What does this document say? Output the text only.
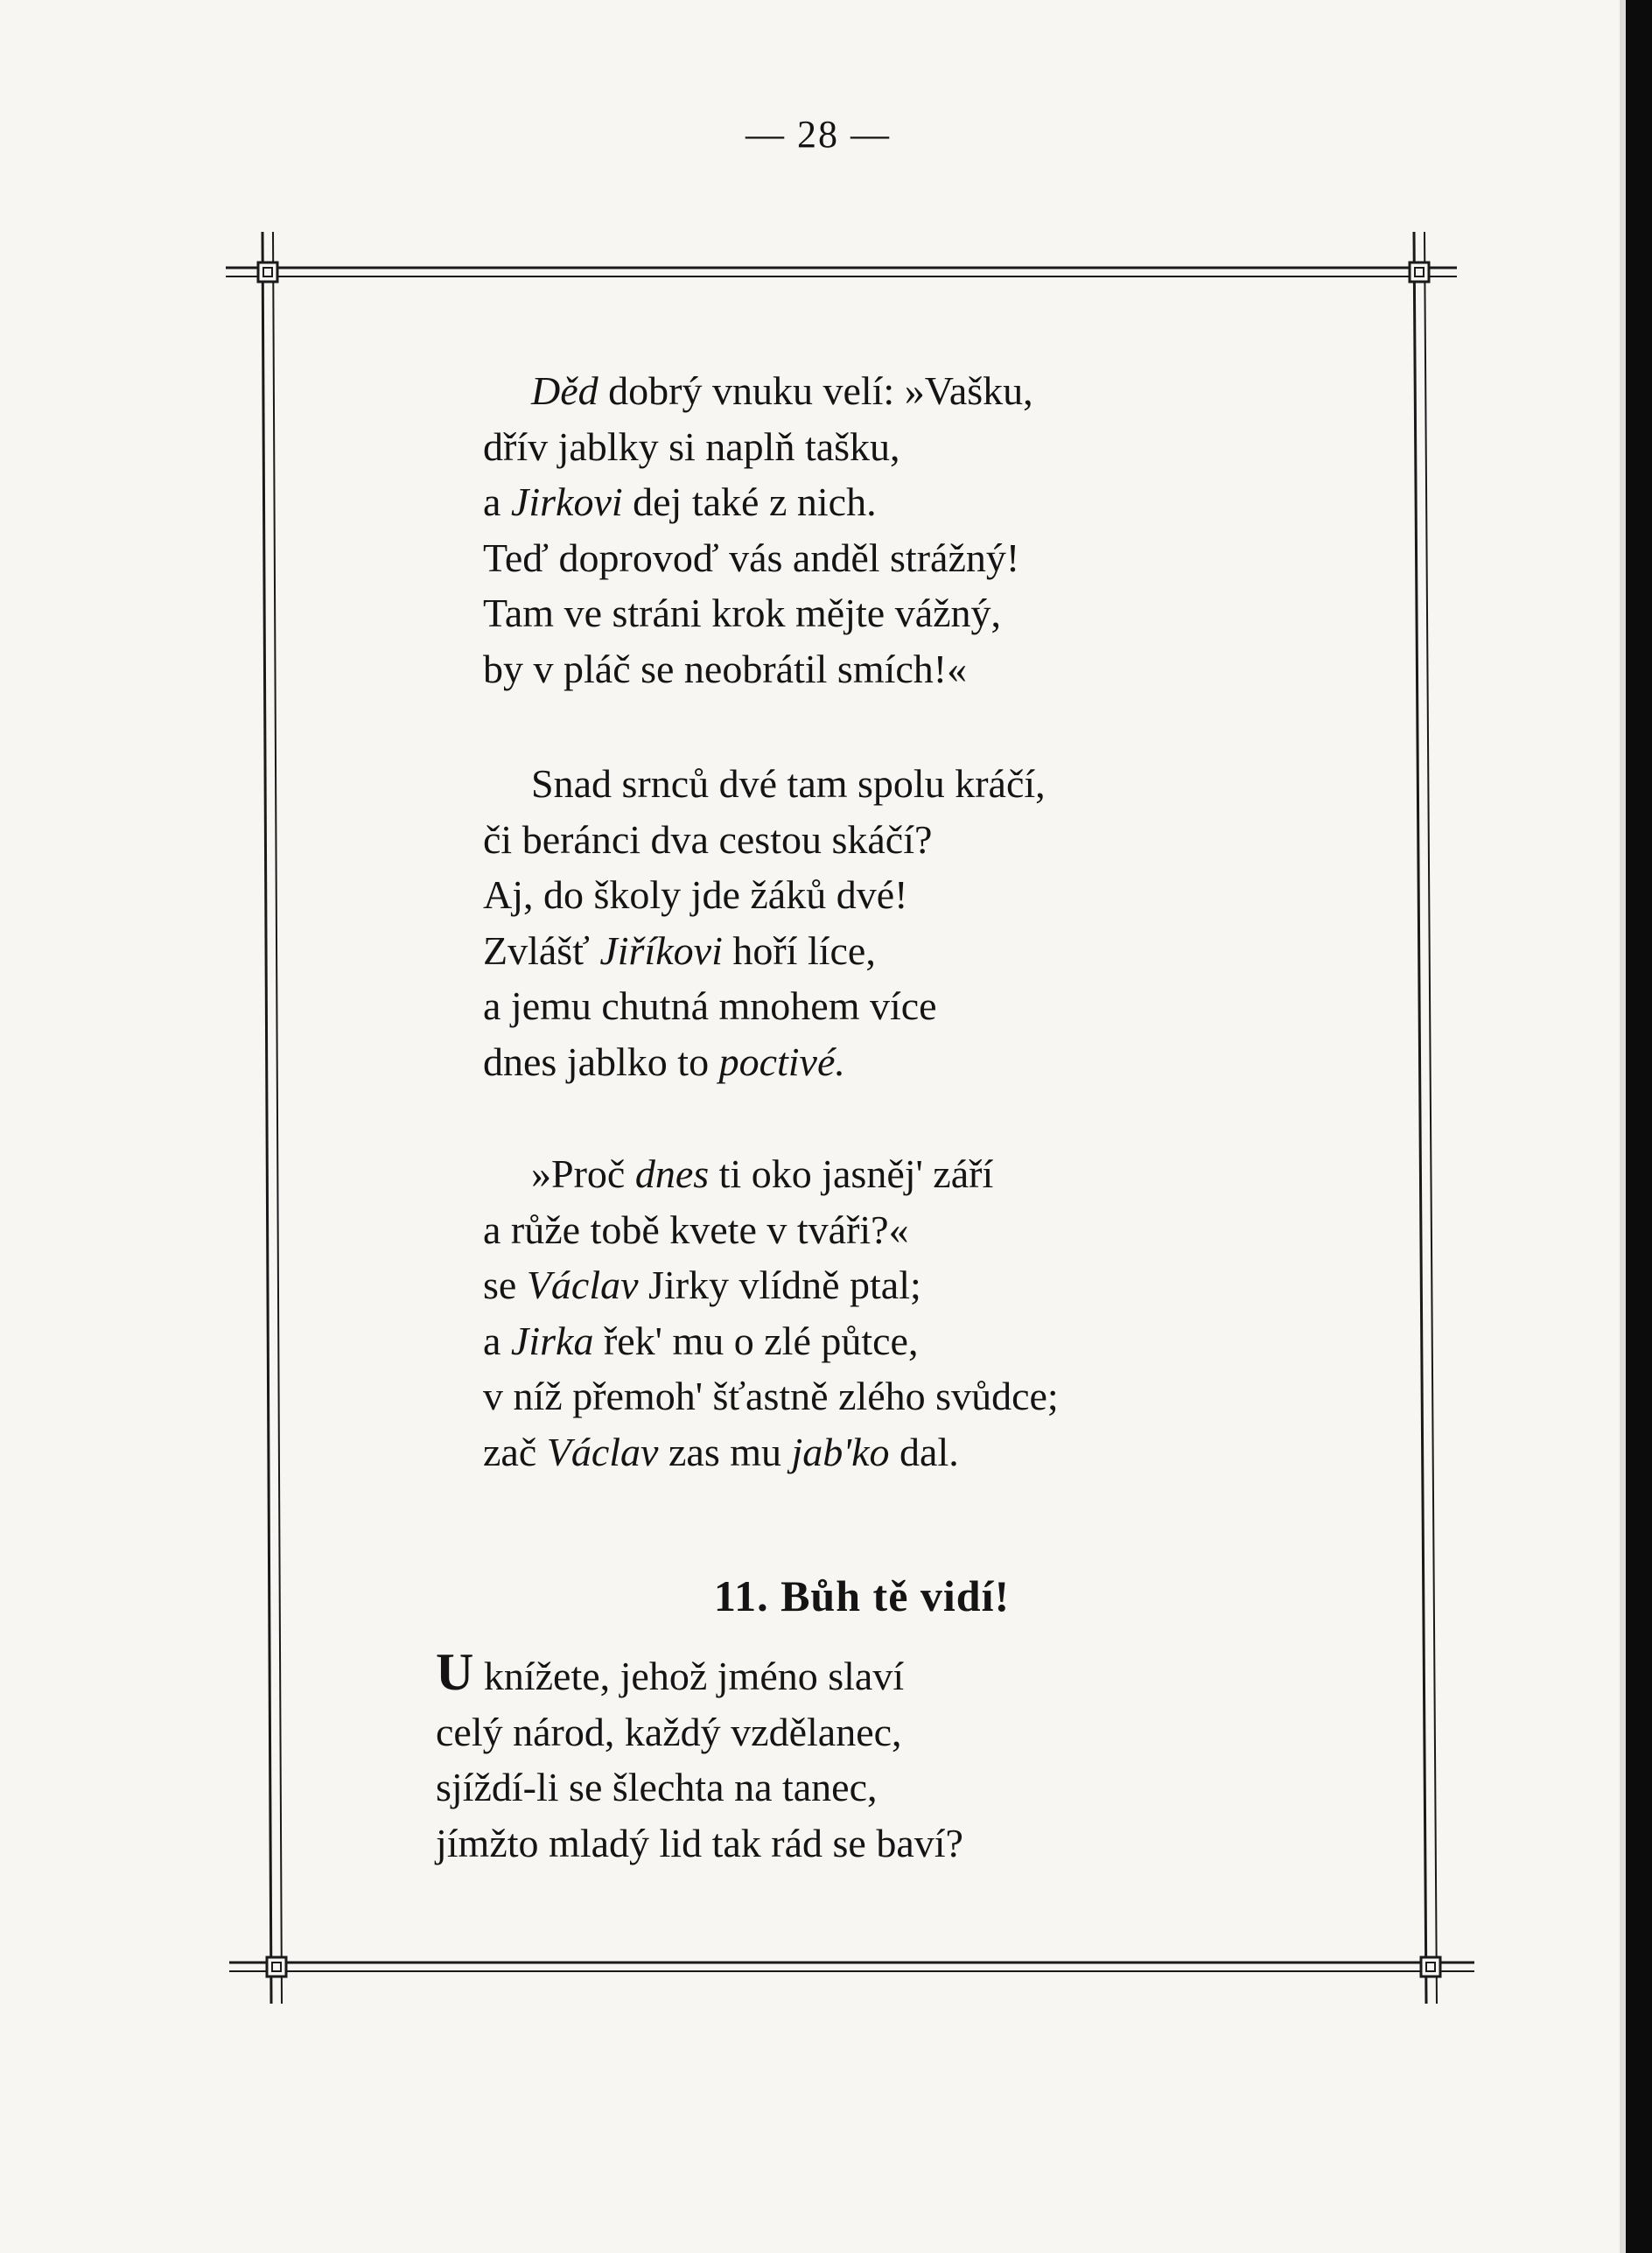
— 28 —
Děd dobrý vnuku velí: »Vašku,
dřív jablky si naplň tašku,
a Jirkovi dej také z nich.
Teď doprovoď vás anděl strážný!
Tam ve stráni krok mějte vážný,
by v pláč se neobrátil smích!«
Snad srnců dvé tam spolu kráčí,
či beránci dva cestou skáčí?
Aj, do školy jde žáků dvé!
Zvlášť Jiříkovi hoří líce,
a jemu chutná mnohem více
dnes jablko to poctivé.
»Proč dnes ti oko jasněj' září
a růže tobě kvete v tváři?«
se Václav Jirky vlídně ptal;
a Jirka řek' mu o zlé půtce,
v níž přemoh' šťastně zlého svůdce;
zač Václav zas mu jab'ko dal.
11. Bůh tě vidí!
U knížete, jehož jméno slaví
celý národ, každý vzdělanec,
sjíždí-li se šlechta na tanec,
jímžto mladý lid tak rád se baví?
